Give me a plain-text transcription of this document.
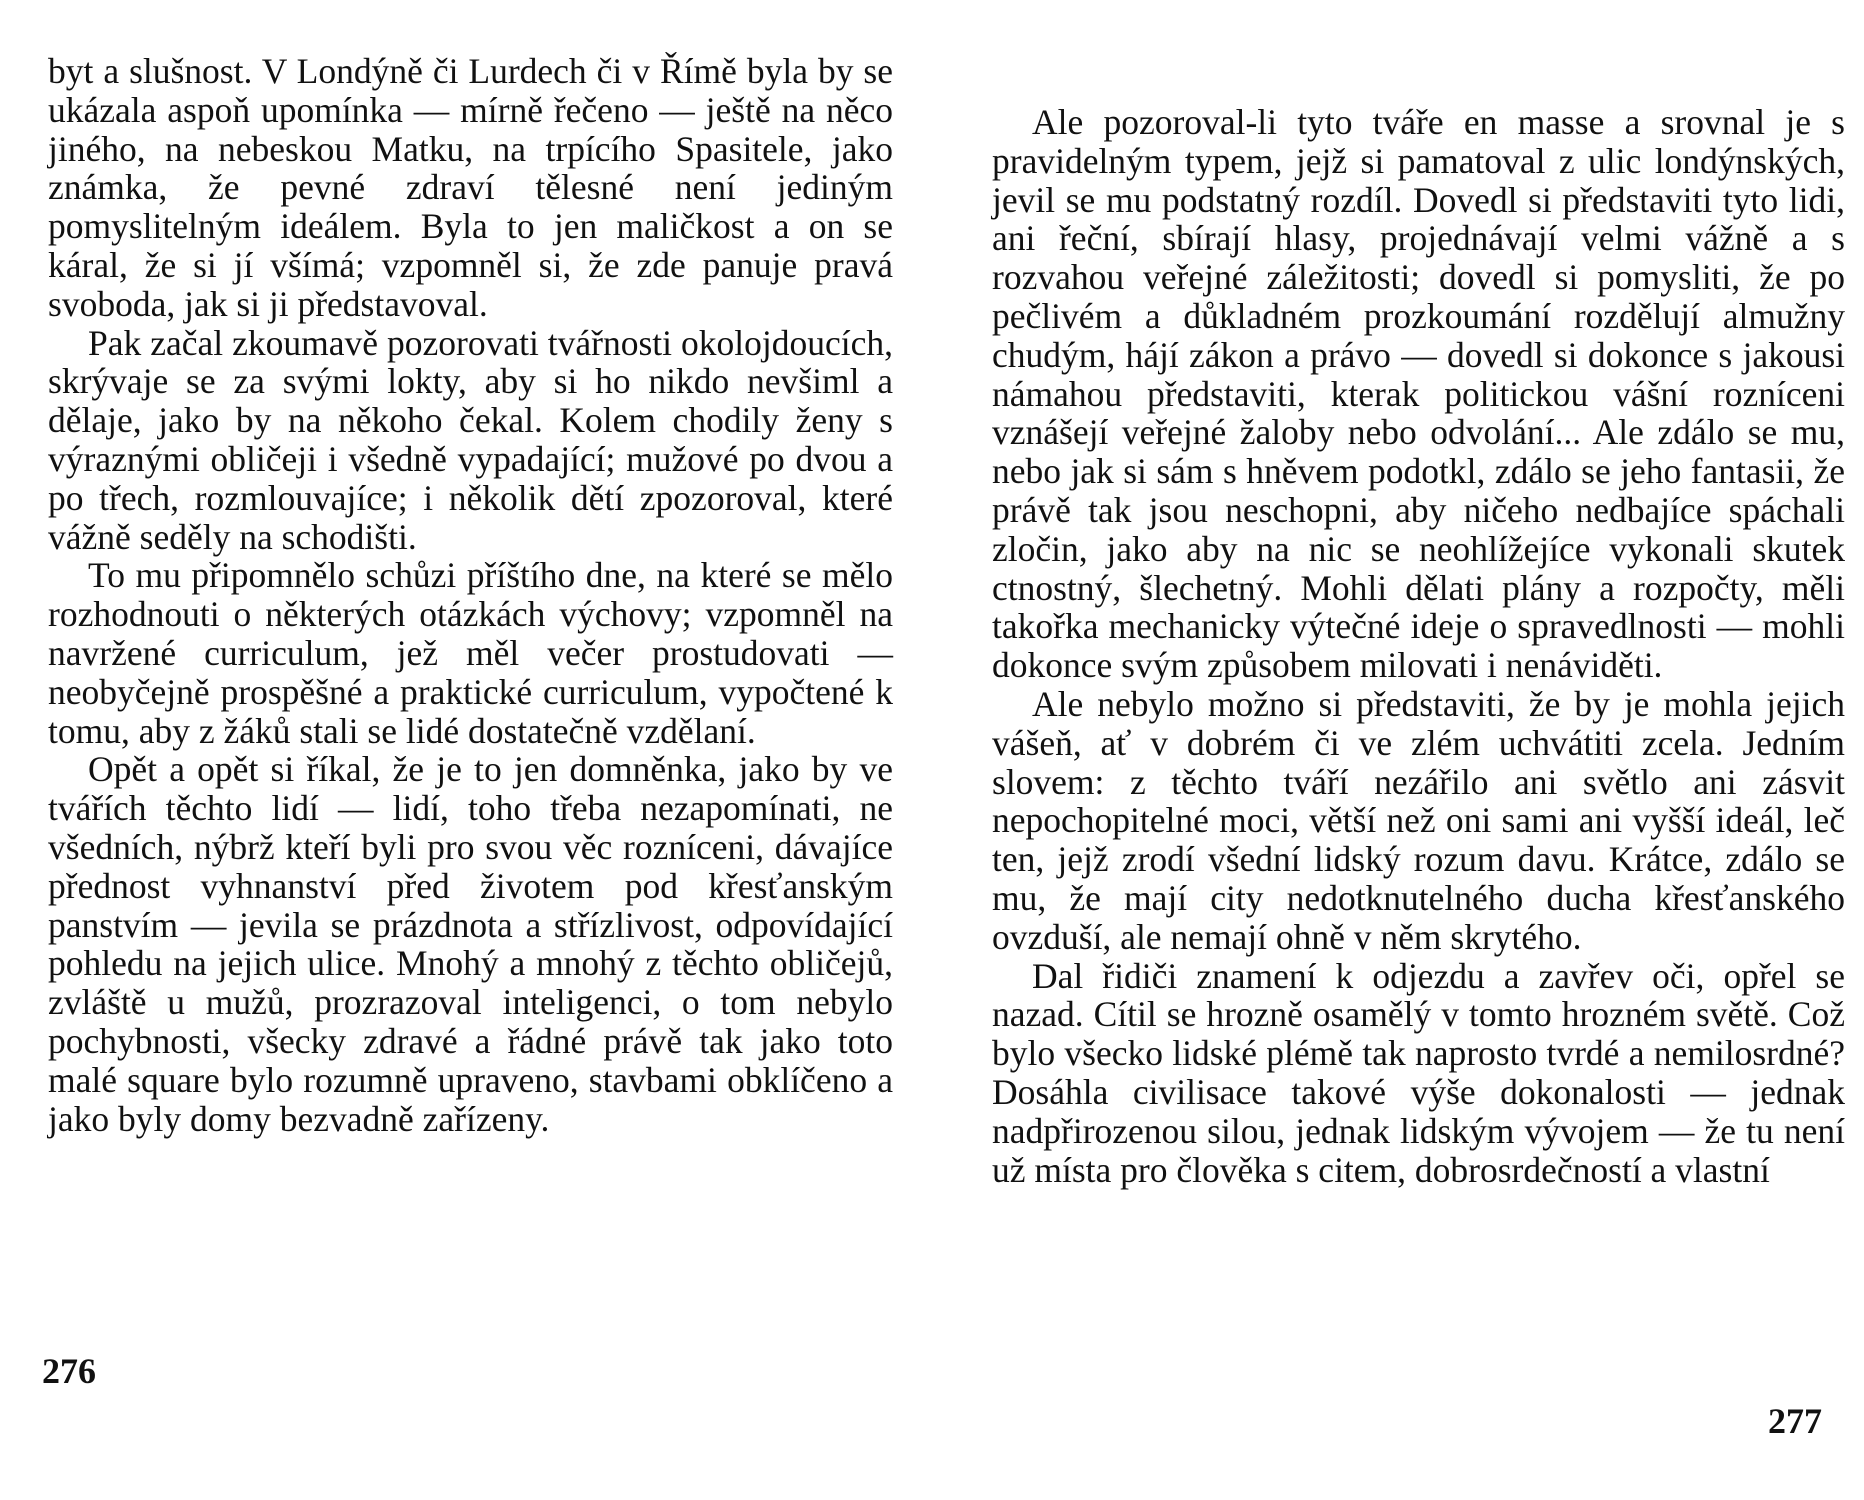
byt a slušnost. V Londýně či Lurdech či v Římě byla by se ukázala aspoň upomínka — mírně řečeno — ještě na něco jiného, na nebeskou Matku, na trpícího Spasitele, jako známka, že pevné zdraví tělesné není jediným pomyslitelným ideálem. Byla to jen maličkost a on se káral, že si jí všímá; vzpomněl si, že zde panuje pravá svoboda, jak si ji představoval.

Pak začal zkoumavě pozorovati tvářnosti okolojdoucích, skrývaje se za svými lokty, aby si ho nikdo nevšiml a dělaje, jako by na někoho čekal. Kolem chodily ženy s výraznými obličeji i všedně vypadající; mužové po dvou a po třech, rozmlouvajíce; i několik dětí zpozoroval, které vážně seděly na schodišti.

To mu připomnělo schůzi příštího dne, na které se mělo rozhodnouti o některých otázkách výchovy; vzpomněl na navržené curriculum, jež měl večer prostudovati — neobyčejně prospěšné a praktické curriculum, vypočtené k tomu, aby z žáků stali se lidé dostatečně vzdělaní.

Opět a opět si říkal, že je to jen domněnka, jako by ve tvářích těchto lidí — lidí, toho třeba nezapomínati, ne všedních, nýbrž kteří byli pro svou věc rozníceni, dávajíce přednost vyhnanství před životem pod křesťanským panstvím — jevila se prázdnota a střízlivost, odpovídající pohledu na jejich ulice. Mnohý a mnohý z těchto obličejů, zvláště u mužů, prozrazoval inteligenci, o tom nebylo pochybnosti, všecky zdravé a řádné právě tak jako toto malé square bylo rozumně upraveno, stavbami obklíčeno a jako byly domy bezvadně zařízeny.

276

Ale pozoroval-li tyto tváře en masse a srovnal je s pravidelným typem, jejž si pamatoval z ulic londýnských, jevil se mu podstatný rozdíl. Dovedl si představiti tyto lidi, ani řeční, sbírají hlasy, projednávají velmi vážně a s rozvahou veřejné záležitosti; dovedl si pomysliti, že po pečlivém a důkladném prozkoumání rozdělují almužny chudým, hájí zákon a právo — dovedl si dokonce s jakousi námahou představiti, kterak politickou vášní rozníceni vznášejí veřejné žaloby nebo odvolání... Ale zdálo se mu, nebo jak si sám s hněvem podotkl, zdálo se jeho fantasii, že právě tak jsou neschopni, aby ničeho nedbajíce spáchali zločin, jako aby na nic se neohlížejíce vykonali skutek ctnostný, šlechetný. Mohli dělati plány a rozpočty, měli takořka mechanicky výtečné ideje o spravedlnosti — mohli dokonce svým způsobem milovati i nenáviděti.

Ale nebylo možno si představiti, že by je mohla jejich vášeň, ať v dobrém či ve zlém uchvátiti zcela. Jedním slovem: z těchto tváří nezářilo ani světlo ani zásvit nepochopitelné moci, větší než oni sami ani vyšší ideál, leč ten, jejž zrodí všední lidský rozum davu. Krátce, zdálo se mu, že mají city nedotknutelného ducha křesťanského ovzduší, ale nemají ohně v něm skrytého.

Dal řidiči znamení k odjezdu a zavřev oči, opřel se nazad. Cítil se hrozně osamělý v tomto hrozném světě. Což bylo všecko lidské plémě tak naprosto tvrdé a nemilosrdné? Dosáhla civilisace takové výše dokonalosti — jednak nadpřirozenou silou, jednak lidským vývojem — že tu není už místa pro člověka s citem, dobrosrdečností a vlastní

277
